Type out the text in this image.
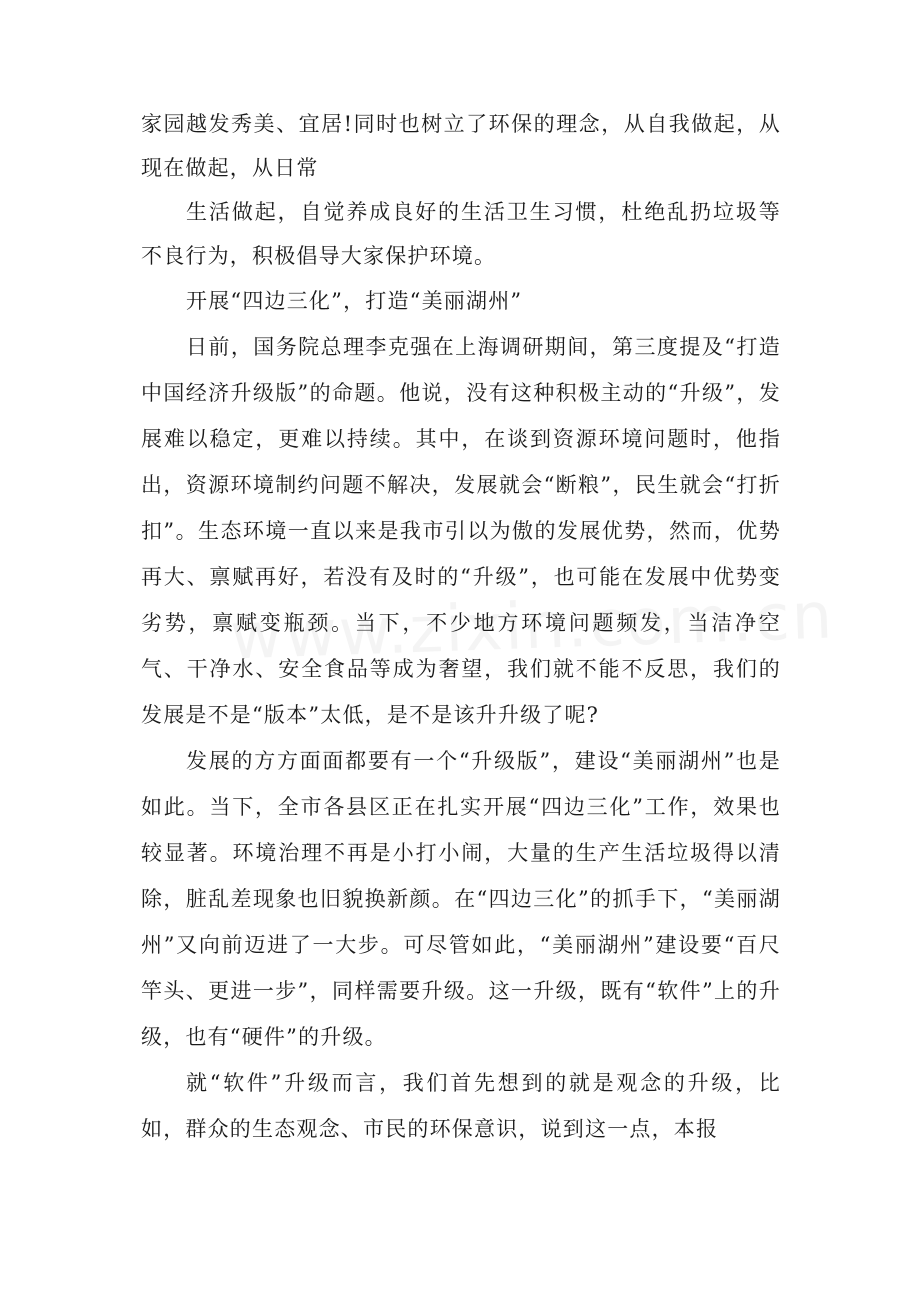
家园越发秀美、宜居!同时也树立了环保的理念，从自我做起，从现在做起，从日常

生活做起，自觉养成良好的生活卫生习惯，杜绝乱扔垃圾等不良行为，积极倡导大家保护环境。

开展“四边三化”，打造“美丽湖州”

日前，国务院总理李克强在上海调研期间，第三度提及“打造中国经济升级版”的命题。他说，没有这种积极主动的“升级”，发展难以稳定，更难以持续。其中，在谈到资源环境问题时，他指出，资源环境制约问题不解决，发展就会“断粮”，民生就会“打折扣”。生态环境一直以来是我市引以为傲的发展优势，然而，优势再大、禀赋再好，若没有及时的“升级”，也可能在发展中优势变劣势，禀赋变瓶颈。当下，不少地方环境问题频发，当洁净空气、干净水、安全食品等成为奢望，我们就不能不反思，我们的发展是不是“版本”太低，是不是该升升级了呢?

发展的方方面面都要有一个“升级版”，建设“美丽湖州”也是如此。当下，全市各县区正在扎实开展“四边三化”工作，效果也较显著。环境治理不再是小打小闹，大量的生产生活垃圾得以清除，脏乱差现象也旧貌换新颜。在“四边三化”的抓手下，“美丽湖州”又向前迈进了一大步。可尽管如此，“美丽湖州”建设要“百尺竿头、更进一步”，同样需要升级。这一升级，既有“软件”上的升级，也有“硬件”的升级。

就“软件”升级而言，我们首先想到的就是观念的升级，比如，群众的生态观念、市民的环保意识，说到这一点，本报
